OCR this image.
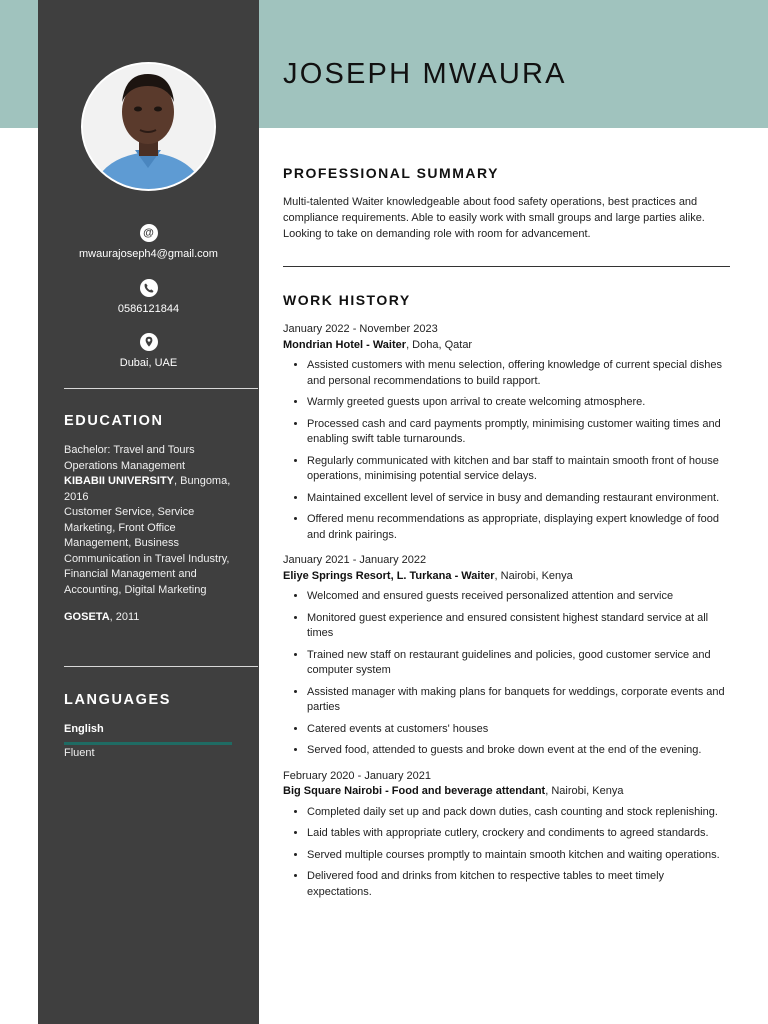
@
mwaurajoseph4@gmail.com
0586121844
Dubai, UAE
EDUCATION
Bachelor: Travel and Tours Operations Management
KIBABII UNIVERSITY, Bungoma, 2016
Customer Service, Service Marketing, Front Office Management, Business Communication in Travel Industry, Financial Management and Accounting, Digital Marketing
GOSETA, 2011
LANGUAGES
English
Fluent
JOSEPH MWAURA
PROFESSIONAL SUMMARY
Multi-talented Waiter knowledgeable about food safety operations, best practices and compliance requirements. Able to easily work with small groups and large parties alike. Looking to take on demanding role with room for advancement.
WORK HISTORY
January 2022 - November 2023
Mondrian Hotel - Waiter, Doha, Qatar
• Assisted customers with menu selection, offering knowledge of current special dishes and personal recommendations to build rapport.
• Warmly greeted guests upon arrival to create welcoming atmosphere.
• Processed cash and card payments promptly, minimising customer waiting times and enabling swift table turnarounds.
• Regularly communicated with kitchen and bar staff to maintain smooth front of house operations, minimising potential service delays.
• Maintained excellent level of service in busy and demanding restaurant environment.
• Offered menu recommendations as appropriate, displaying expert knowledge of food and drink pairings.
January 2021 - January 2022
Eliye Springs Resort, L. Turkana - Waiter, Nairobi, Kenya
• Welcomed and ensured guests received personalized attention and service
• Monitored guest experience and ensured consistent highest standard service at all times
• Trained new staff on restaurant guidelines and policies, good customer service and computer system
• Assisted manager with making plans for banquets for weddings, corporate events and parties
• Catered events at customers' houses
• Served food, attended to guests and broke down event at the end of the evening.
February 2020 - January 2021
Big Square Nairobi - Food and beverage attendant, Nairobi, Kenya
• Completed daily set up and pack down duties, cash counting and stock replenishing.
• Laid tables with appropriate cutlery, crockery and condiments to agreed standards.
• Served multiple courses promptly to maintain smooth kitchen and waiting operations.
• Delivered food and drinks from kitchen to respective tables to meet timely expectations.
